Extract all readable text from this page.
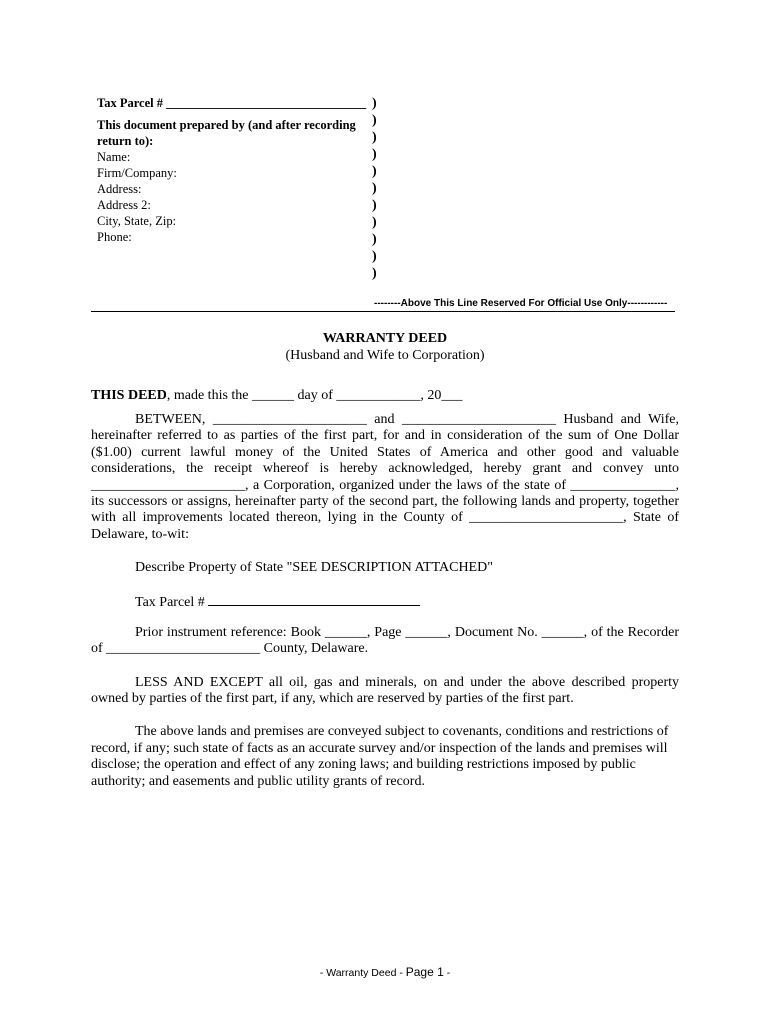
Tax Parcel # ________________________________
This document prepared by (and after recording
return to):
Name:
Firm/Company:
Address:
Address 2:
City, State, Zip:
Phone:
)
)
)
)
)
)
)
)
)
)
)
--------Above This Line Reserved For Official Use Only------------
WARRANTY DEED
(Husband and Wife to Corporation)
THIS DEED, made this the ______ day of ____________, 20___
BETWEEN, ______________________ and ______________________ Husband and Wife, hereinafter referred to as parties of the first part, for and in consideration of the sum of One Dollar ($1.00) current lawful money of the United States of America and other good and valuable considerations, the receipt whereof is hereby acknowledged, hereby grant and convey unto ______________________, a Corporation, organized under the laws of the state of _______________, its successors or assigns, hereinafter party of the second part, the following lands and property, together with all improvements located thereon, lying in the County of ______________________, State of Delaware, to-wit:
Describe Property of State "SEE DESCRIPTION ATTACHED"
Tax Parcel #
Prior instrument reference: Book ______, Page ______, Document No. ______, of the Recorder of ______________________ County, Delaware.
LESS AND EXCEPT all oil, gas and minerals, on and under the above described property owned by parties of the first part, if any, which are reserved by parties of the first part.
The above lands and premises are conveyed subject to covenants, conditions and restrictions of record, if any; such state of facts as an accurate survey and/or inspection of the lands and premises will disclose; the operation and effect of any zoning laws; and building restrictions imposed by public authority; and easements and public utility grants of record.
- Warranty Deed - Page 1 -
